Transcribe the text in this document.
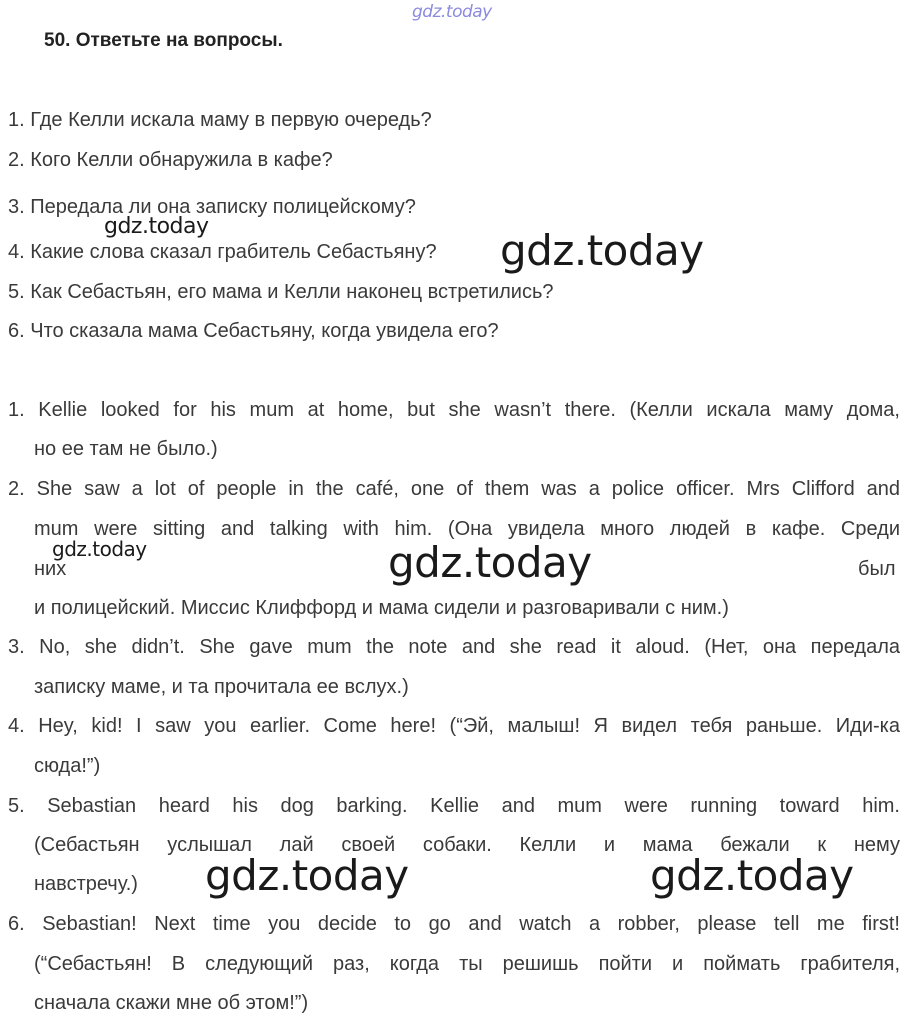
gdz.today
50. Ответьте на вопросы.
1. Где Келли искала маму в первую очередь?
2. Кого Келли обнаружила в кафе?
3. Передала ли она записку полицейскому?
4. Какие слова сказал грабитель Себастьяну?
5. Как Себастьян, его мама и Келли наконец встретились?
6. Что сказала мама Себастьяну, когда увидела его?
1. Kellie looked for his mum at home, but she wasn’t there. (Келли искала маму дома,
но ее там не было.)
2. She saw a lot of people in the café, one of them was a police officer. Mrs Clifford and
mum were sitting and talking with him. (Она увидела много людей в кафе. Среди
них	был
и полицейский. Миссис Клиффорд и мама сидели и разговаривали с ним.)
3. No, she didn’t. She gave mum the note and she read it aloud. (Нет, она передала
записку маме, и та прочитала ее вслух.)
4. Hey, kid! I saw you earlier. Come here! (“Эй, малыш! Я видел тебя раньше. Иди-ка
сюда!”)
5. Sebastian heard his dog barking. Kellie and mum were running toward him.
(Себастьян услышал лай своей собаки. Келли и мама бежали к нему
навстречу.)
6. Sebastian! Next time you decide to go and watch a robber, please tell me first!
(“Себастьян! В следующий раз, когда ты решишь пойти и поймать грабителя,
сначала скажи мне об этом!”)
gdz.today	gdz.today
gdz.today	gdz.today
gdz.today	gdz.today
